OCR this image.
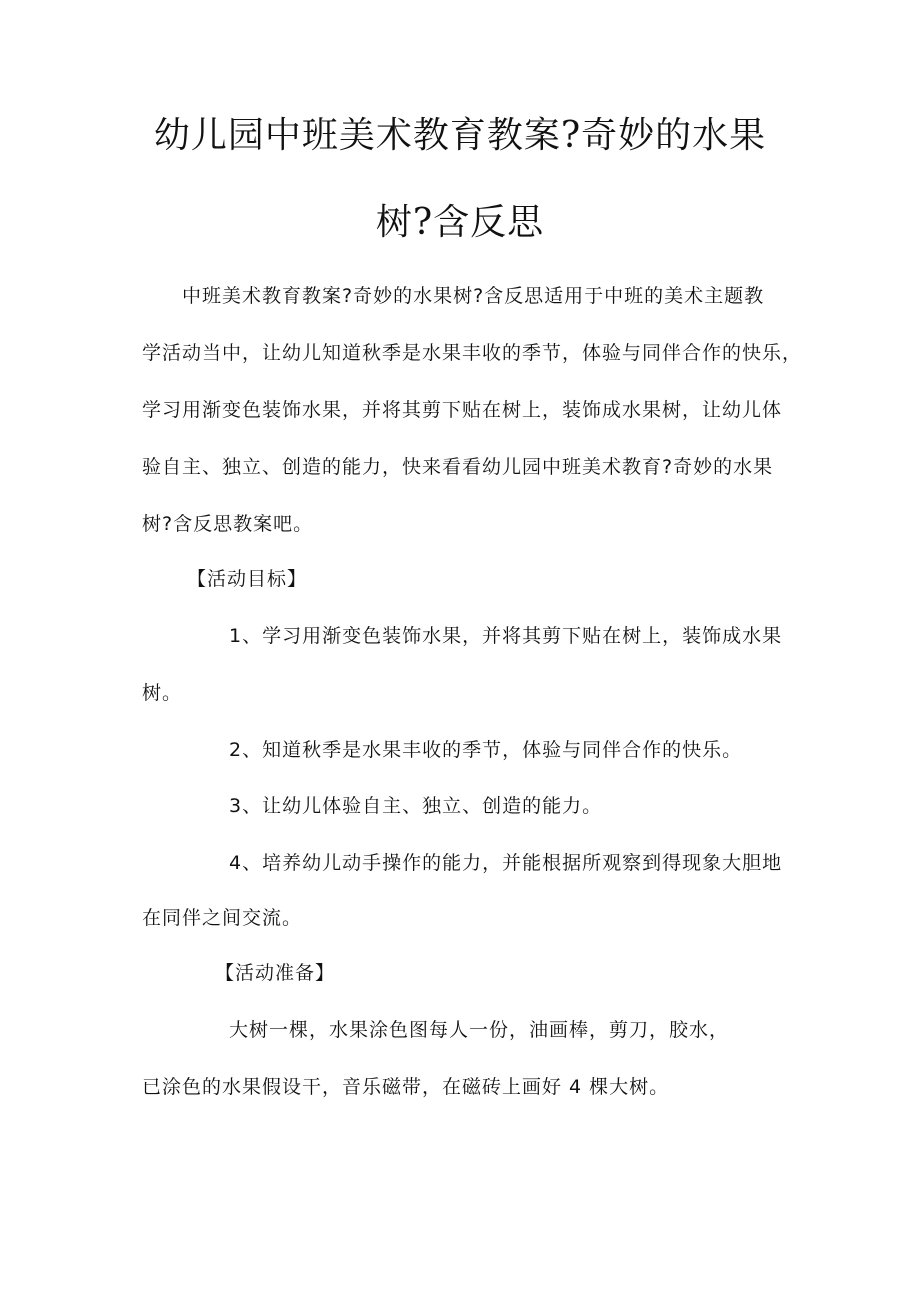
幼儿园中班美术教育教案?奇妙的水果
树?含反思
中班美术教育教案?奇妙的水果树?含反思适用于中班的美术主题教
学活动当中，让幼儿知道秋季是水果丰收的季节，体验与同伴合作的快乐，
学习用渐变色装饰水果，并将其剪下贴在树上，装饰成水果树，让幼儿体
验自主、独立、创造的能力，快来看看幼儿园中班美术教育?奇妙的水果
树?含反思教案吧。
【活动目标】
1、学习用渐变色装饰水果，并将其剪下贴在树上，装饰成水果
树。
2、知道秋季是水果丰收的季节，体验与同伴合作的快乐。
3、让幼儿体验自主、独立、创造的能力。
4、培养幼儿动手操作的能力，并能根据所观察到得现象大胆地
在同伴之间交流。
【活动准备】
大树一棵，水果涂色图每人一份，油画棒，剪刀，胶水，
已涂色的水果假设干，音乐磁带，在磁砖上画好 4 棵大树。
